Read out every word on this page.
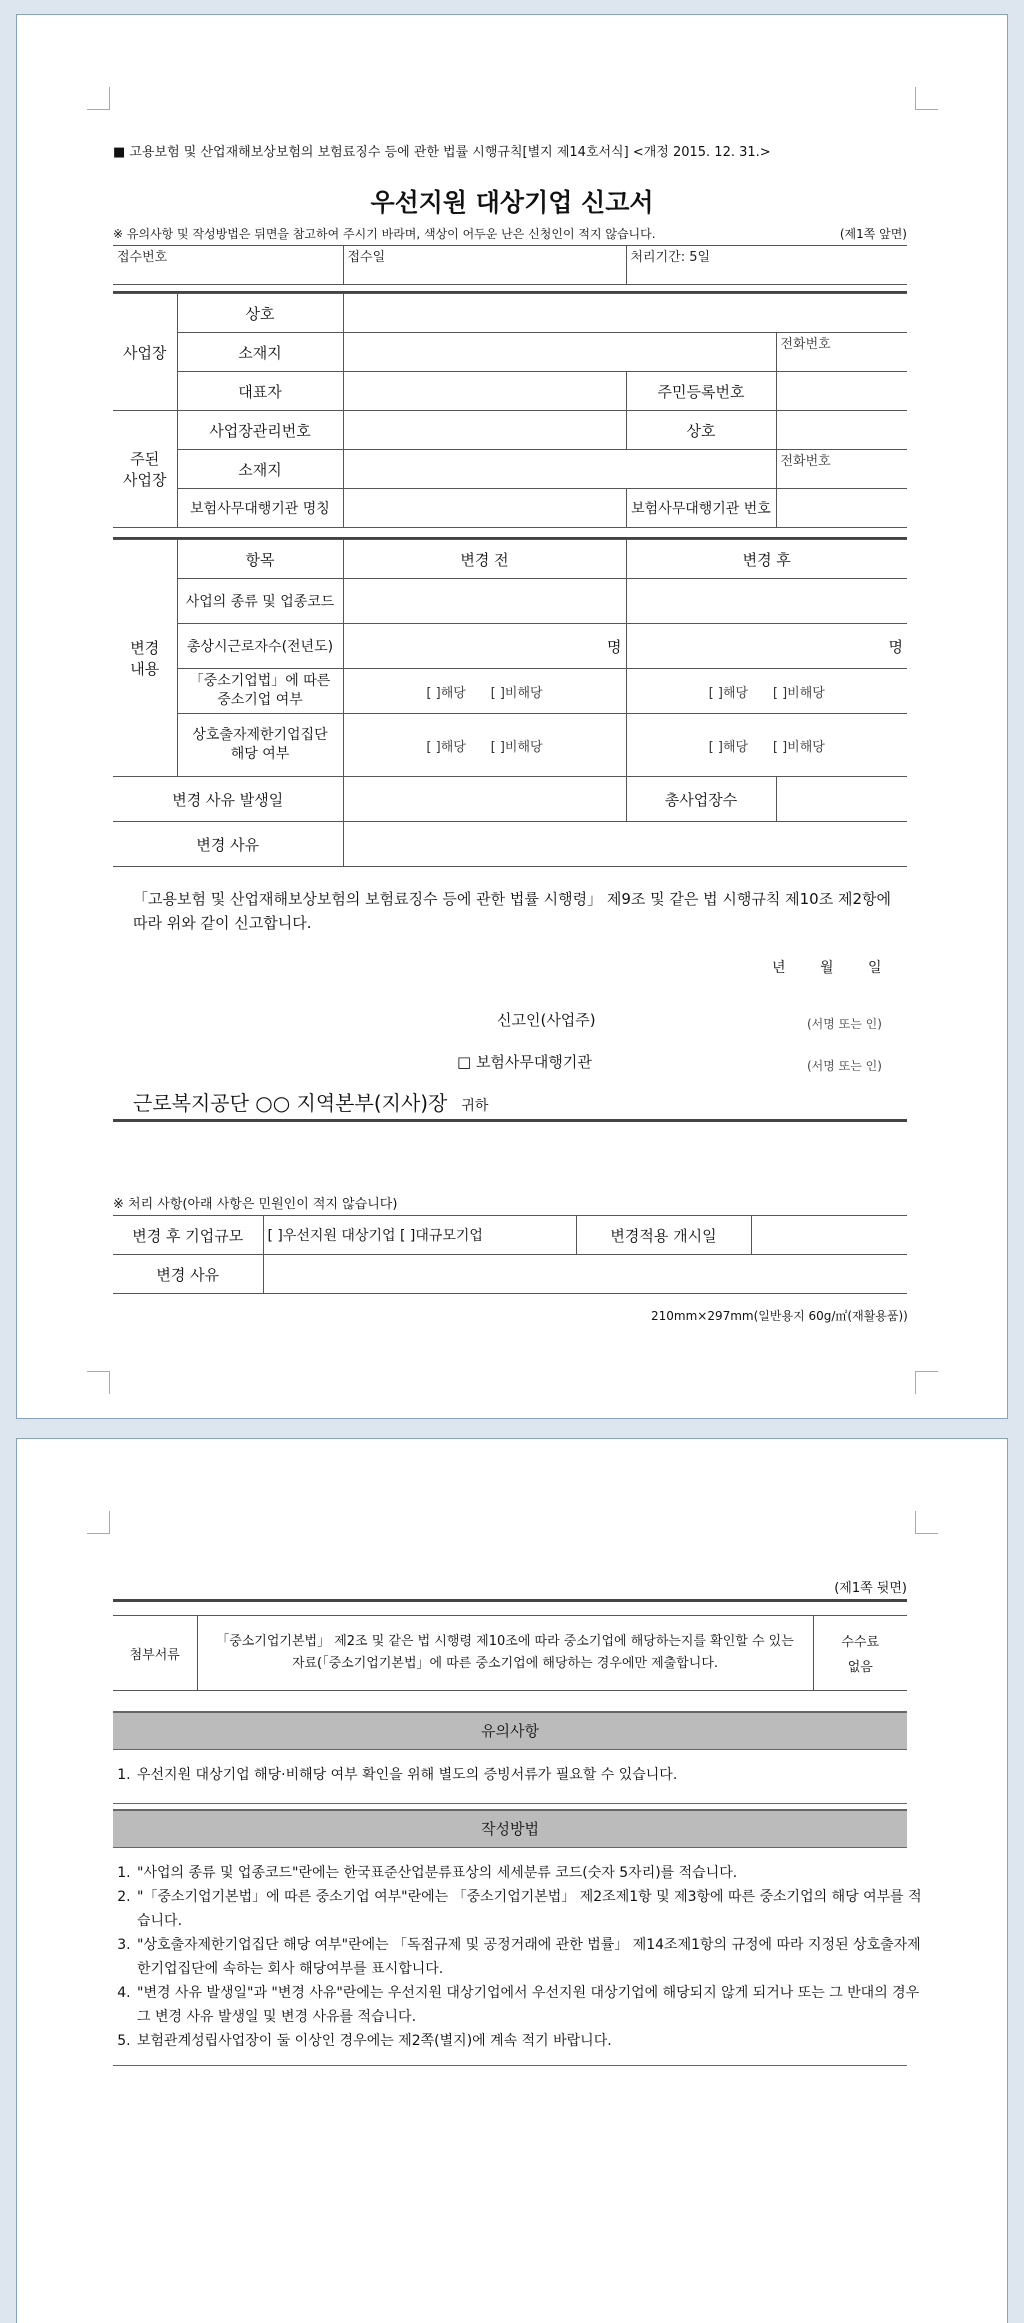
■ 고용보험 및 산업재해보상보험의 보험료징수 등에 관한 법률 시행규칙[별지 제14호서식] <개정 2015. 12. 31.>
우선지원 대상기업 신고서
※ 유의사항 및 작성방법은 뒤면을 참고하여 주시기 바라며, 색상이 어두운 난은 신청인이 적지 않습니다.	(제1쪽 앞면)
접수번호	접수일	처리기간: 5일
사업장	상호			
	소재지			전화번호
	대표자		주민등록번호	
주된
사업장	사업장관리번호		상호	
	소재지			전화번호
	보험사무대행기관 명칭		보험사무대행기관 번호	
변경
내용	항목	변경 전	변경 후	
	사업의 종류 및 업종코드			
	총상시근로자수(전년도)	명	명	
	「중소기업법」에 따른
중소기업 여부	[ ]해당 [ ]비해당	[ ]해당 [ ]비해당	
	상호출자제한기업집단
해당 여부	[ ]해당 [ ]비해당	[ ]해당 [ ]비해당	
변경 사유 발생일			총사업장수	
변경 사유				
「고용보험 및 산업재해보상보험의 보험료징수 등에 관한 법률 시행령」 제9조 및 같은 법 시행규칙 제10조 제2항에 따라 위와 같이 신고합니다.
년 월 일
신고인(사업주)	(서명 또는 인)
□ 보험사무대행기관	(서명 또는 인)
근로복지공단 ○○ 지역본부(지사)장 귀하
※ 처리 사항(아래 사항은 민원인이 적지 않습니다)
변경 후 기업규모	[ ]우선지원 대상기업 [ ]대규모기업	변경적용 개시일	
변경 사유			
210mm×297mm(일반용지 60g/㎡(재활용품))
(제1쪽 뒷면)
첨부서류	「중소기업기본법」 제2조 및 같은 법 시행령 제10조에 따라 중소기업에 해당하는지를 확인할 수 있는 자료(「중소기업기본법」에 따른 중소기업에 해당하는 경우에만 제출합니다.	
수수료
없음
유의사항
1. 우선지원 대상기업 해당·비해당 여부 확인을 위해 별도의 증빙서류가 필요할 수 있습니다.
작성방법
1. "사업의 종류 및 업종코드"란에는 한국표준산업분류표상의 세세분류 코드(숫자 5자리)를 적습니다.
2. "「중소기업기본법」에 따른 중소기업 여부"란에는 「중소기업기본법」 제2조제1항 및 제3항에 따른 중소기업의 해당 여부를 적습니다.
3. "상호출자제한기업집단 해당 여부"란에는 「독점규제 및 공정거래에 관한 법률」 제14조제1항의 규정에 따라 지정된 상호출자제한기업집단에 속하는 회사 해당여부를 표시합니다.
4. "변경 사유 발생일"과 "변경 사유"란에는 우선지원 대상기업에서 우선지원 대상기업에 해당되지 않게 되거나 또는 그 반대의 경우 그 변경 사유 발생일 및 변경 사유를 적습니다.
5. 보험관계성립사업장이 둘 이상인 경우에는 제2쪽(별지)에 계속 적기 바랍니다.
